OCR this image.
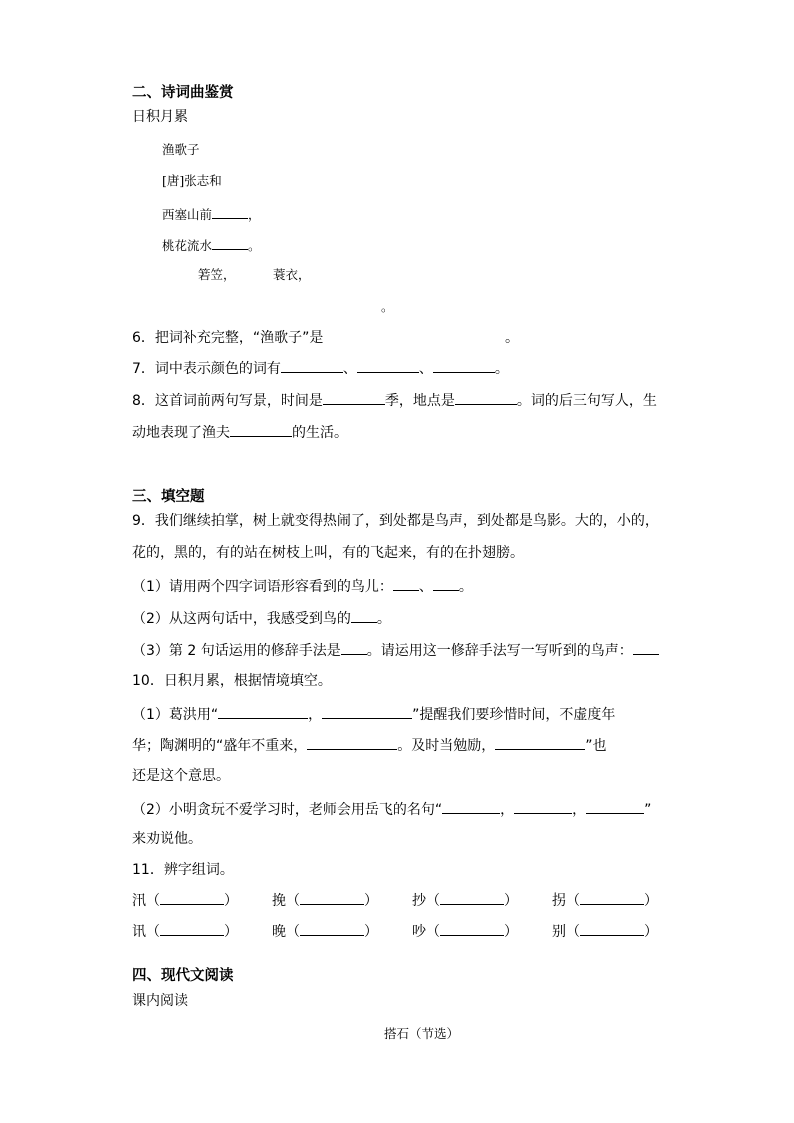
二、诗词曲鉴赏
日积月累
渔歌子
[唐]张志和
西塞山前	，
桃花流水	。
箬笠，	蓑衣，
。
6．把词补充完整，“渔歌子”是	。
7．词中表示颜色的词有	、	、	。
8．这首词前两句写景，时间是	季，地点是	。词的后三句写人，生
动地表现了渔夫	的生活。
三、填空题
9．我们继续拍掌，树上就变得热闹了，到处都是鸟声，到处都是鸟影。大的，小的，
花的，黑的，有的站在树枝上叫，有的飞起来，有的在扑翅膀。
（1）请用两个四字词语形容看到的鸟儿： 、 。
（2）从这两句话中，我感受到鸟的 。
（3）第 2 句话运用的修辞手法是 。请运用这一修辞手法写一写听到的鸟声：
10．日积月累，根据情境填空。
（1）葛洪用“	，	”提醒我们要珍惜时间，不虚度年
华；陶渊明的“盛年不重来，	。及时当勉励，	”也
还是这个意思。
（2）小明贪玩不爱学习时，老师会用岳飞的名句“	，	，	”
来劝说他。
11．辨字组词。
汛（	） 挽（	） 抄（	） 拐（	）
讯（	） 晚（	） 吵（	） 别（	）
四、现代文阅读
课内阅读
搭石（节选）
